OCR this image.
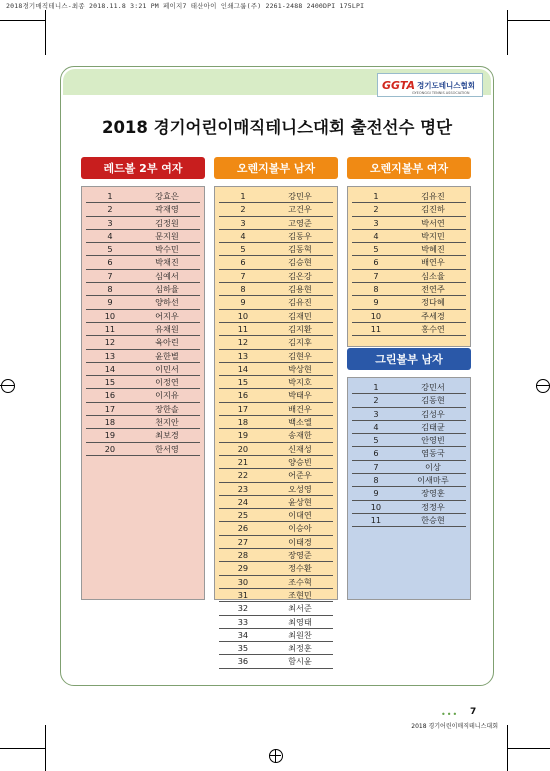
2018경기매직테니스-최종 2018.11.8 3:21 PM 페이지7 태산아이 인쇄그룹(주) 2261-2488 2400DPI 175LPI
GGTA 경기도테니스협회
GYEONGGI TENNIS ASSOCIATION
2018 경기어린이매직테니스대회 출전선수 명단
레드볼 2부 여자
1	강효은
2	곽재영
3	김정원
4	문지원
5	박수민
6	박채진
7	심예서
8	심하율
9	양하선
10	어지우
11	유채원
12	육아린
13	윤한별
14	이민서
15	이정연
16	이지유
17	장한솔
18	천지안
19	최보경
20	한서영
오렌지볼부 남자
1	강민우
2	고건우
3	고영준
4	김동우
5	김동혁
6	김승현
7	김온강
8	김용현
9	김유진
10	김재민
11	김지환
12	김지후
13	김현우
14	박상현
15	박지호
16	박태우
17	배건우
18	백소엘
19	송재한
20	신재성
21	양승빈
22	어준우
23	오성영
24	윤상현
25	이대연
26	이승아
27	이태경
28	장영준
29	정수환
30	조수혁
31	조현민
32	최서준
33	최영태
34	최원찬
35	최정훈
36	함시윤
오렌지볼부 여자
1	김유진
2	김진하
3	박서연
4	박지민
5	박혜진
6	배연우
7	심소율
8	전연주
9	정다혜
10	주세경
11	홍수연
그린볼부 남자
1	강민서
2	김동현
3	김성우
4	김태균
5	안영빈
6	염동국
7	이상
8	이새마루
9	장영훈
10	정정우
11	한승현
••• 7
2018 경기어린이매직테니스대회
